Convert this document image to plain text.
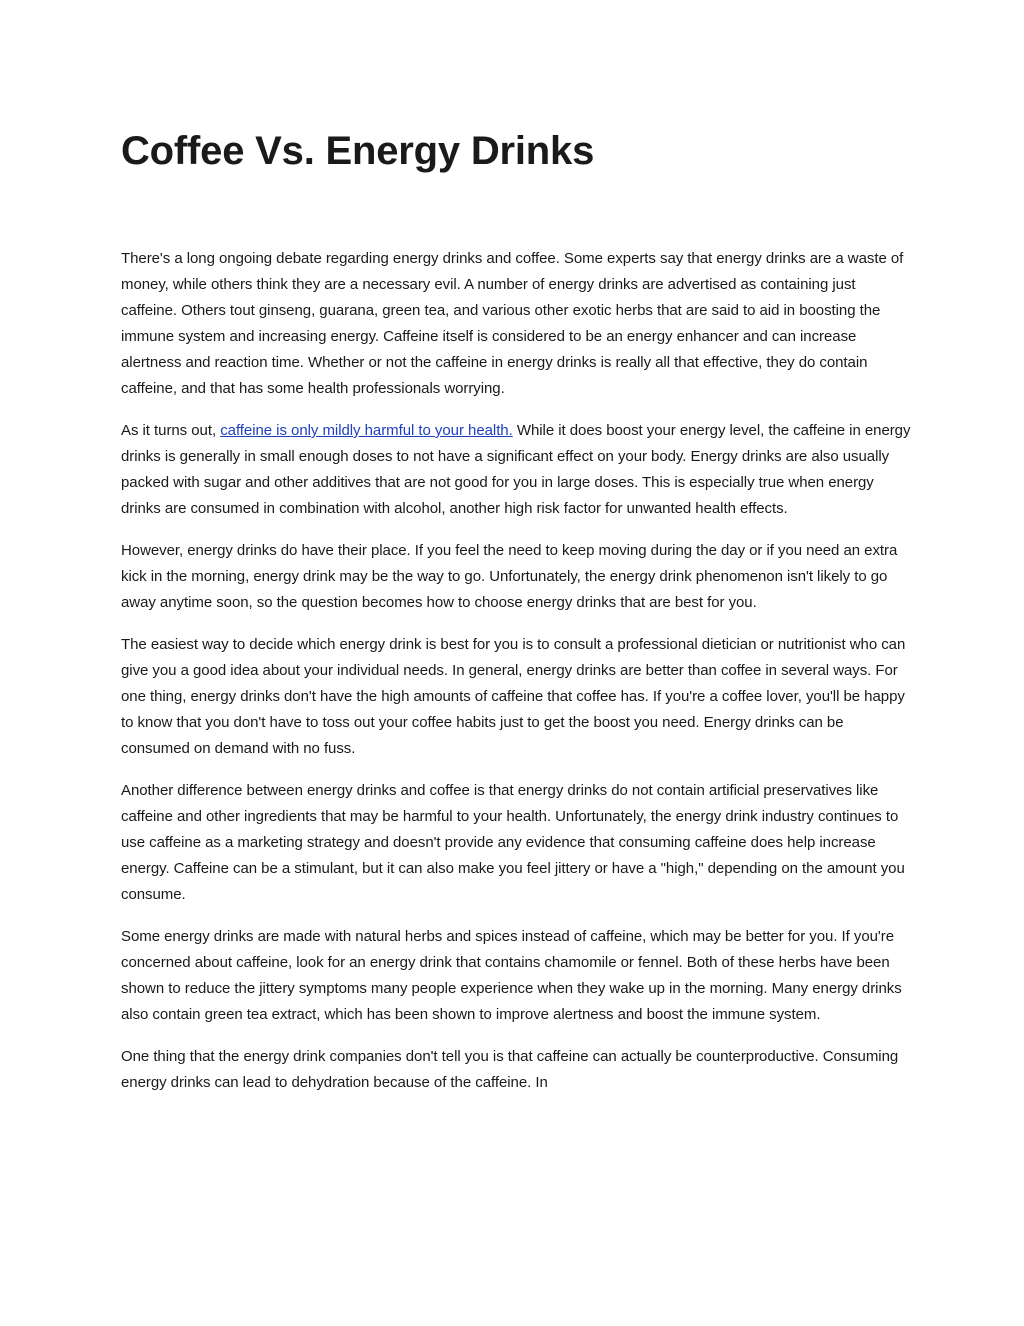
Coffee Vs. Energy Drinks

There's a long ongoing debate regarding energy drinks and coffee. Some experts say that energy drinks are a waste of money, while others think they are a necessary evil. A number of energy drinks are advertised as containing just caffeine. Others tout ginseng, guarana, green tea, and various other exotic herbs that are said to aid in boosting the immune system and increasing energy. Caffeine itself is considered to be an energy enhancer and can increase alertness and reaction time. Whether or not the caffeine in energy drinks is really all that effective, they do contain caffeine, and that has some health professionals worrying.

As it turns out, caffeine is only mildly harmful to your health. While it does boost your energy level, the caffeine in energy drinks is generally in small enough doses to not have a significant effect on your body. Energy drinks are also usually packed with sugar and other additives that are not good for you in large doses. This is especially true when energy drinks are consumed in combination with alcohol, another high risk factor for unwanted health effects.

However, energy drinks do have their place. If you feel the need to keep moving during the day or if you need an extra kick in the morning, energy drink may be the way to go. Unfortunately, the energy drink phenomenon isn't likely to go away anytime soon, so the question becomes how to choose energy drinks that are best for you.

The easiest way to decide which energy drink is best for you is to consult a professional dietician or nutritionist who can give you a good idea about your individual needs. In general, energy drinks are better than coffee in several ways. For one thing, energy drinks don't have the high amounts of caffeine that coffee has. If you're a coffee lover, you'll be happy to know that you don't have to toss out your coffee habits just to get the boost you need. Energy drinks can be consumed on demand with no fuss.

Another difference between energy drinks and coffee is that energy drinks do not contain artificial preservatives like caffeine and other ingredients that may be harmful to your health. Unfortunately, the energy drink industry continues to use caffeine as a marketing strategy and doesn't provide any evidence that consuming caffeine does help increase energy. Caffeine can be a stimulant, but it can also make you feel jittery or have a "high," depending on the amount you consume.

Some energy drinks are made with natural herbs and spices instead of caffeine, which may be better for you. If you're concerned about caffeine, look for an energy drink that contains chamomile or fennel. Both of these herbs have been shown to reduce the jittery symptoms many people experience when they wake up in the morning. Many energy drinks also contain green tea extract, which has been shown to improve alertness and boost the immune system.

One thing that the energy drink companies don't tell you is that caffeine can actually be counterproductive. Consuming energy drinks can lead to dehydration because of the caffeine. In
